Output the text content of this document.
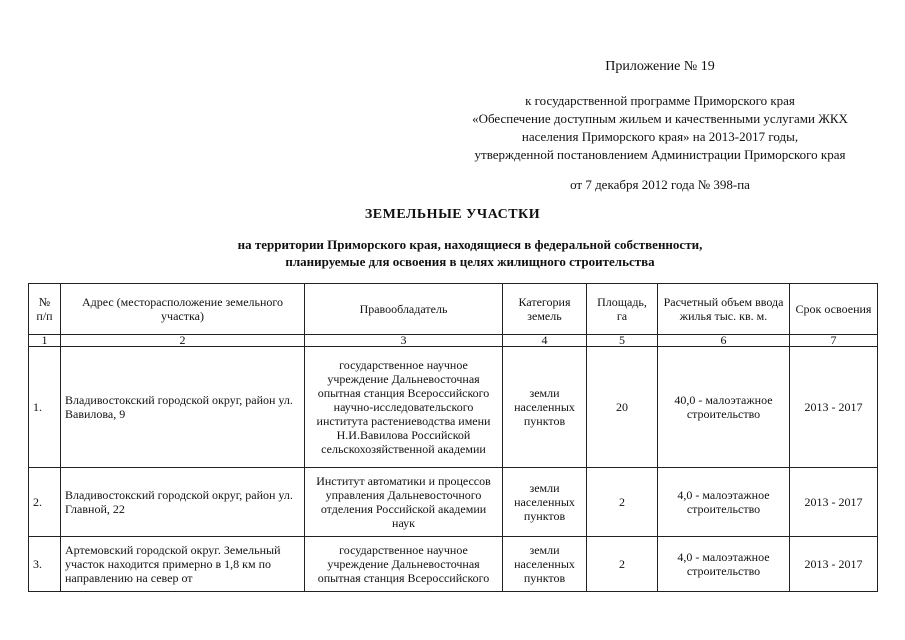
Приложение № 19
к государственной программе Приморского края
«Обеспечение доступным жильем и качественными услугами ЖКХ
населения Приморского края» на 2013-2017 годы,
утвержденной постановлением Администрации Приморского края
от 7 декабря 2012 года № 398-па
ЗЕМЕЛЬНЫЕ УЧАСТКИ
на территории Приморского края, находящиеся в федеральной собственности,
планируемые для освоения в целях жилищного строительства
№ п/п	Адрес (месторасположение земельного участка)	Правообладатель	Категория земель	Площадь, га	Расчетный объем ввода жилья тыс. кв. м.	Срок освоения
1	2	3	4	5	6	7
1.	Владивостокский городской округ, район ул. Вавилова, 9	государственное научное учреждение Дальневосточная опытная станция Всероссийского научно-исследовательского института растениеводства имени Н.И.Вавилова Российской сельскохозяйственной академии	земли населенных пунктов	20	40,0 - малоэтажное строительство	2013 - 2017
2.	Владивостокский городской округ, район ул. Главной, 22	Институт автоматики и процессов управления Дальневосточного отделения Российской академии наук	земли населенных пунктов	2	4,0 - малоэтажное строительство	2013 - 2017
3.	Артемовский городской округ. Земельный участок находится примерно в 1,8 км по направлению на север от	государственное научное учреждение Дальневосточная опытная станция Всероссийского	земли населенных пунктов	2	4,0 - малоэтажное строительство	2013 - 2017
